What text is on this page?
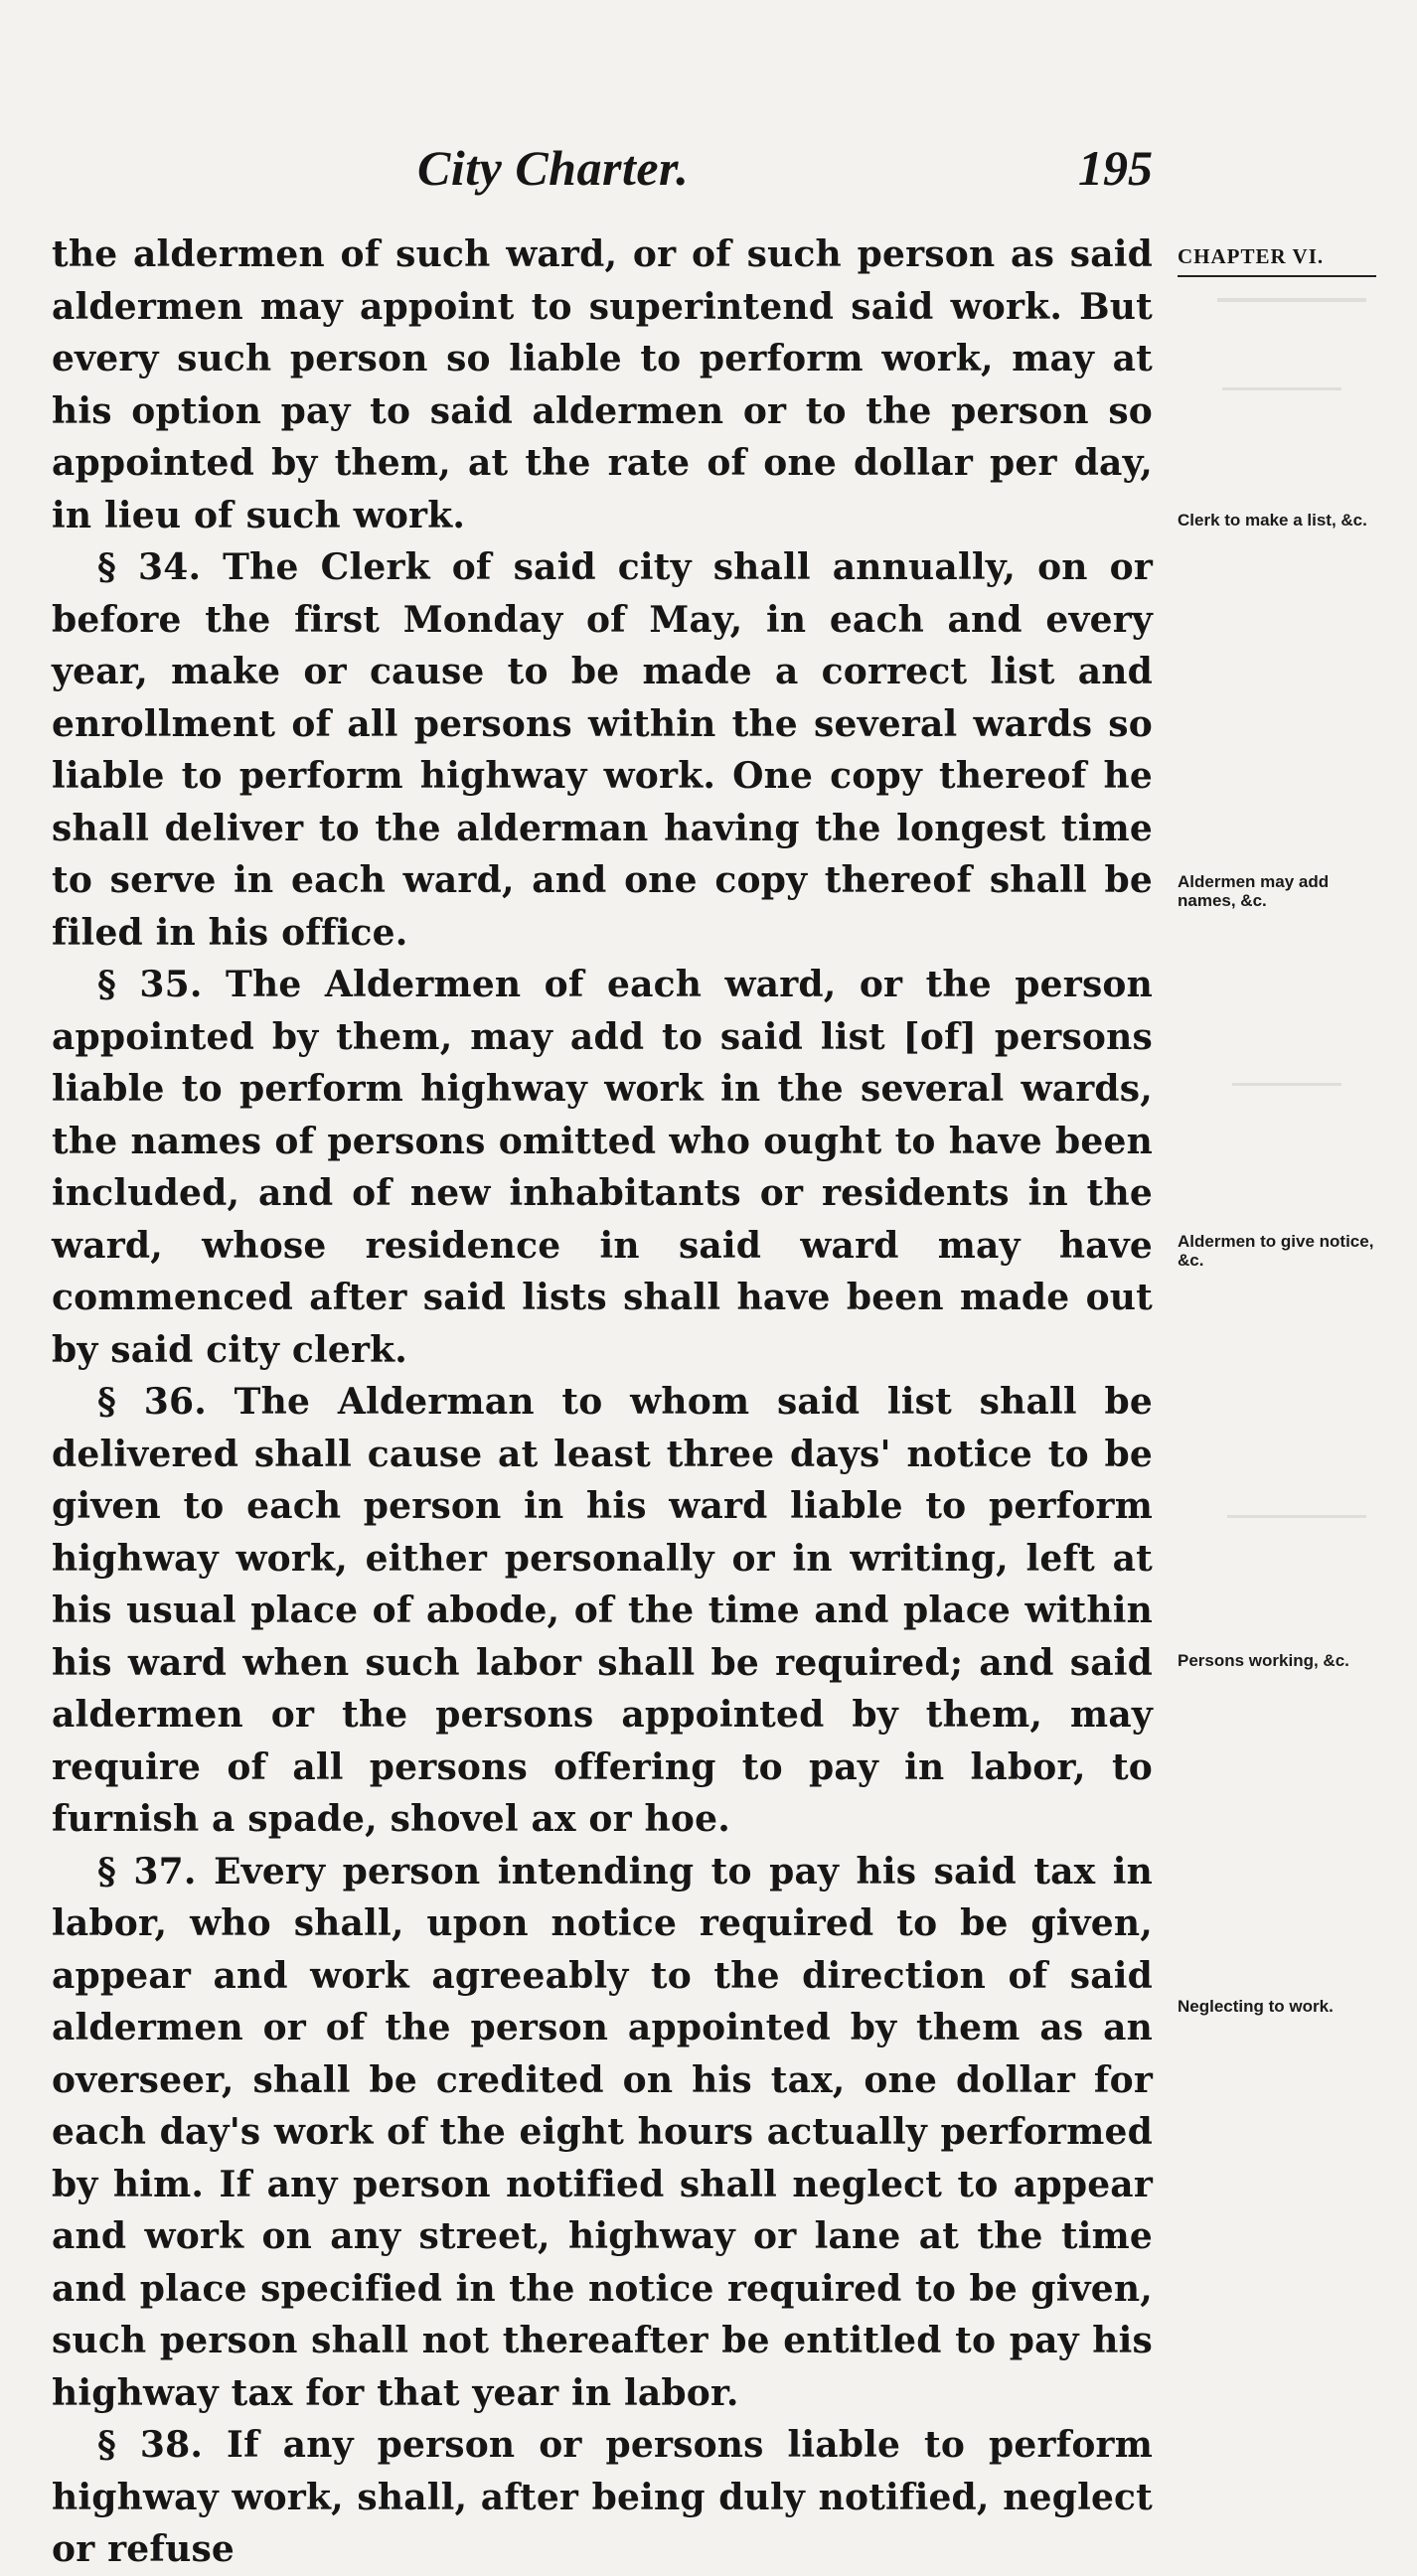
City Charter.	195
CHAPTER VI.

the aldermen of such ward, or of such person as said aldermen may appoint to superintend said work. But every such person so liable to perform work, may at his option pay to said aldermen or to the person so appointed by them, at the rate of one dollar per day, in lieu of such work.

§ 34. The Clerk of said city shall annually, on or before the first Monday of May, in each and every year, make or cause to be made a correct list and enrollment of all persons within the several wards so liable to perform highway work. One copy thereof he shall deliver to the alderman having the longest time to serve in each ward, and one copy thereof shall be filed in his office.

§ 35. The Aldermen of each ward, or the person appointed by them, may add to said list [of] persons liable to perform highway work in the several wards, the names of persons omitted who ought to have been included, and of new inhabitants or residents in the ward, whose residence in said ward may have commenced after said lists shall have been made out by said city clerk.

§ 36. The Alderman to whom said list shall be delivered shall cause at least three days' notice to be given to each person in his ward liable to perform highway work, either personally or in writing, left at his usual place of abode, of the time and place within his ward when such labor shall be required; and said aldermen or the persons appointed by them, may require of all persons offering to pay in labor, to furnish a spade, shovel ax or hoe.

§ 37. Every person intending to pay his said tax in labor, who shall, upon notice required to be given, appear and work agreeably to the direction of said aldermen or of the person appointed by them as an overseer, shall be credited on his tax, one dollar for each day's work of the eight hours actually performed by him. If any person notified shall neglect to appear and work on any street, highway or lane at the time and place specified in the notice required to be given, such person shall not thereafter be entitled to pay his highway tax for that year in labor.

§ 38. If any person or persons liable to perform highway work, shall, after being duly notified, neglect or refuse

Clerk to make a list, &c.
Aldermen may add names, &c.
Aldermen to give notice, &c.
Persons working, &c.
Neglecting to work.
